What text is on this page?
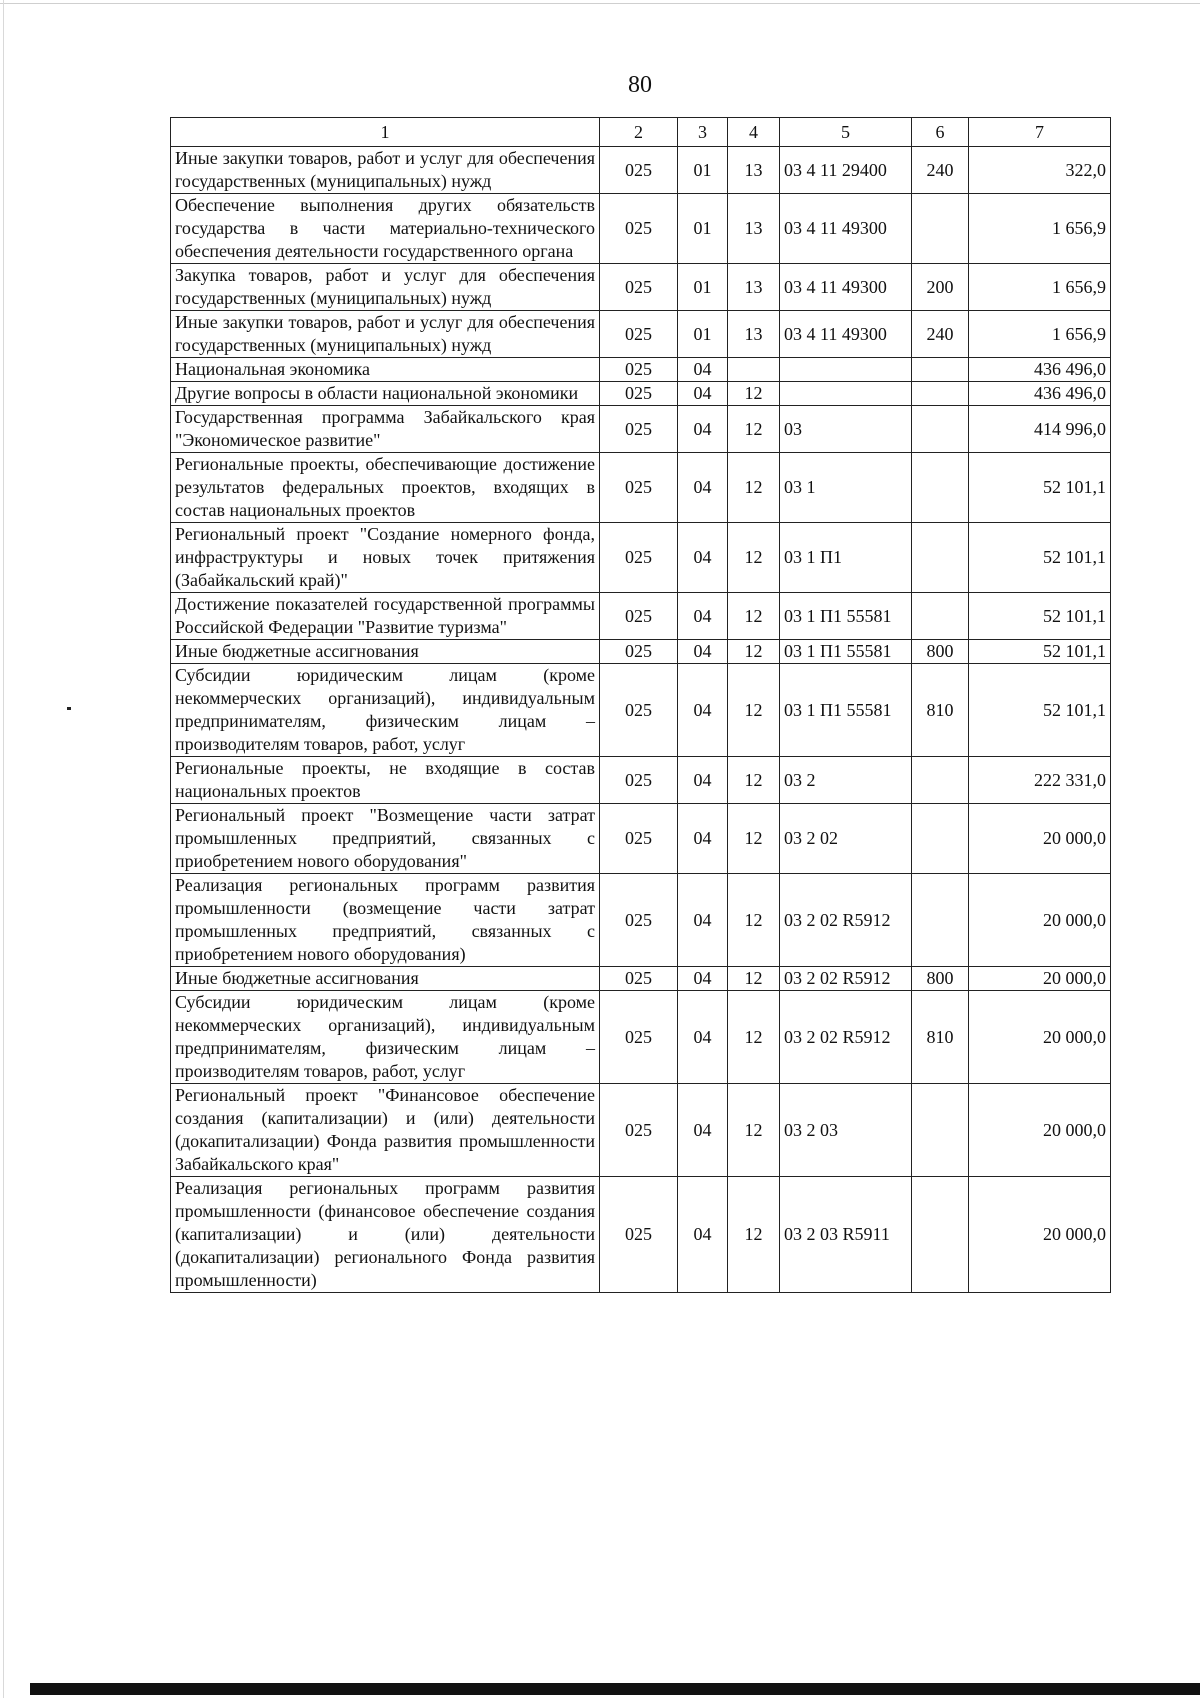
80
1	2	3	4	5	6	7
Иные закупки товаров, работ и услуг для обеспечения государственных (муниципальных) нужд	025	01	13	03 4 11 29400	240	322,0
Обеспечение выполнения других обязательств государства в части материально-технического обеспечения деятельности государственного органа	025	01	13	03 4 11 49300		1 656,9
Закупка товаров, работ и услуг для обеспечения государственных (муниципальных) нужд	025	01	13	03 4 11 49300	200	1 656,9
Иные закупки товаров, работ и услуг для обеспечения государственных (муниципальных) нужд	025	01	13	03 4 11 49300	240	1 656,9
Национальная экономика	025	04				436 496,0
Другие вопросы в области национальной экономики	025	04	12			436 496,0
Государственная программа Забайкальского края "Экономическое развитие"	025	04	12	03		414 996,0
Региональные проекты, обеспечивающие достижение результатов федеральных проектов, входящих в состав национальных проектов	025	04	12	03 1		52 101,1
Региональный проект "Создание номерного фонда, инфраструктуры и новых точек притяжения (Забайкальский край)"	025	04	12	03 1 П1		52 101,1
Достижение показателей государственной программы Российской Федерации "Развитие туризма"	025	04	12	03 1 П1 55581		52 101,1
Иные бюджетные ассигнования	025	04	12	03 1 П1 55581	800	52 101,1
Субсидии юридическим лицам (кроме некоммерческих организаций), индивидуальным предпринимателям, физическим лицам – производителям товаров, работ, услуг	025	04	12	03 1 П1 55581	810	52 101,1
Региональные проекты, не входящие в состав национальных проектов	025	04	12	03 2		222 331,0
Региональный проект "Возмещение части затрат промышленных предприятий, связанных с приобретением нового оборудования"	025	04	12	03 2 02		20 000,0
Реализация региональных программ развития промышленности (возмещение части затрат промышленных предприятий, связанных с приобретением нового оборудования)	025	04	12	03 2 02 R5912		20 000,0
Иные бюджетные ассигнования	025	04	12	03 2 02 R5912	800	20 000,0
Субсидии юридическим лицам (кроме некоммерческих организаций), индивидуальным предпринимателям, физическим лицам – производителям товаров, работ, услуг	025	04	12	03 2 02 R5912	810	20 000,0
Региональный проект "Финансовое обеспечение создания (капитализации) и (или) деятельности (докапитализации) Фонда развития промышленности Забайкальского края"	025	04	12	03 2 03		20 000,0
Реализация региональных программ развития промышленности (финансовое обеспечение создания (капитализации) и (или) деятельности (докапитализации) регионального Фонда развития промышленности)	025	04	12	03 2 03 R5911		20 000,0
